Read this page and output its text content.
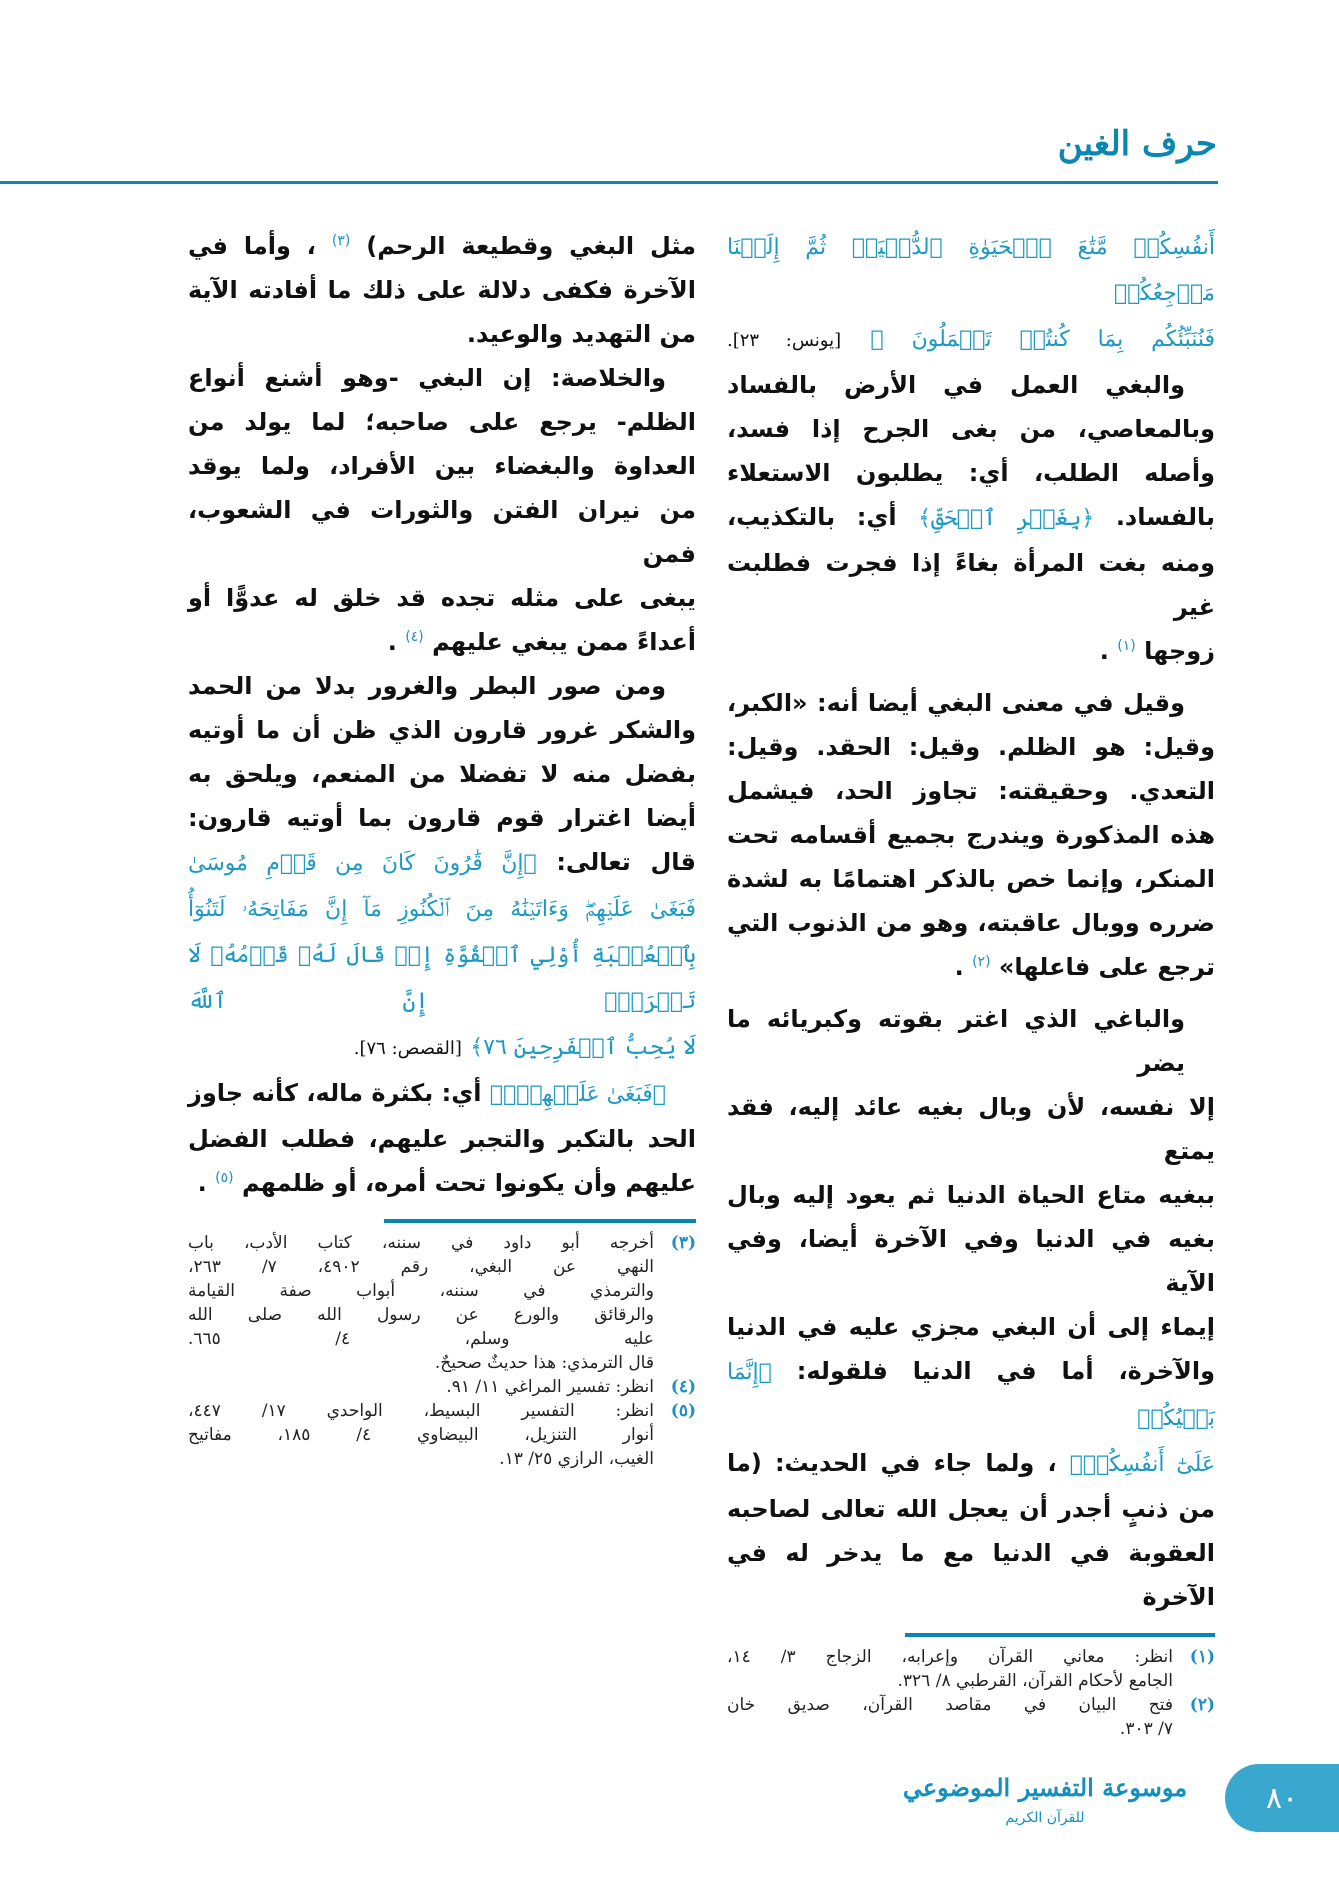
حرف الغين
أَنفُسِكُمۖ مَّتَٰعَ ٱلۡحَيَوٰةِ ٱلدُّنۡيَاۖ ثُمَّ إِلَيۡنَا مَرۡجِعُكُمۡ
فَنُنَبِّئُكُم بِمَا كُنتُمۡ تَعۡمَلُونَ ﴾ [يونس: ٢٣].
والبغي العمل في الأرض بالفساد
وبالمعاصي، من بغى الجرح إذا فسد،
وأصله الطلب، أي: يطلبون الاستعلاء
بالفساد. ﴿بِغَيۡرِ ٱلۡحَقِّ﴾ أي: بالتكذيب،
ومنه بغت المرأة بغاءً إذا فجرت فطلبت غير
زوجها $^{(١)}$ .
وقيل في معنى البغي أيضا أنه: «الكبر،
وقيل: هو الظلم. وقيل: الحقد. وقيل:
التعدي. وحقيقته: تجاوز الحد، فيشمل
هذه المذكورة ويندرج بجميع أقسامه تحت
المنكر، وإنما خص بالذكر اهتمامًا به لشدة
ضرره ووبال عاقبته، وهو من الذنوب التي
ترجع على فاعلها» $^{(٢)}$ .
والباغي الذي اغتر بقوته وكبريائه ما يضر
إلا نفسه، لأن وبال بغيه عائد إليه، فقد يمتع
ببغيه متاع الحياة الدنيا ثم يعود إليه وبال
بغيه في الدنيا وفي الآخرة أيضا، وفي الآية
إيماء إلى أن البغي مجزي عليه في الدنيا
والآخرة، أما في الدنيا فلقوله: ﴿إِنَّمَا بَغۡيُكُمۡ
عَلَىٰٓ أَنفُسِكُمۖ﴾ ، ولما جاء في الحديث: (ما
من ذنبٍ أجدر أن يعجل الله تعالى لصاحبه
العقوبة في الدنيا مع ما يدخر له في الآخرة
(١)
انظر: معاني القرآن وإعرابه، الزجاج ٣/ ١٤،
الجامع لأحكام القرآن، القرطبي ٨/ ٣٢٦.
(٢)
فتح البيان في مقاصد القرآن، صديق خان
٧/ ٣٠٣.
مثل البغي وقطيعة الرحم) $^{(٣)}$ ، وأما في
الآخرة فكفى دلالة على ذلك ما أفادته الآية
من التهديد والوعيد.
والخلاصة: إن البغي -وهو أشنع أنواع
الظلم- يرجع على صاحبه؛ لما يولد من
العداوة والبغضاء بين الأفراد، ولما يوقد
من نيران الفتن والثورات في الشعوب، فمن
يبغى على مثله تجده قد خلق له عدوًّا أو
أعداءً ممن يبغي عليهم $^{(٤)}$ .
ومن صور البطر والغرور بدلا من الحمد
والشكر غرور قارون الذي ظن أن ما أوتيه
بفضل منه لا تفضلا من المنعم، ويلحق به
أيضا اغترار قوم قارون بما أوتيه قارون:
قال تعالى: ﴿إِنَّ قَٰرُونَ كَانَ مِن قَوۡمِ مُوسَىٰ
فَبَغَىٰ عَلَيۡهِمۡۖ وَءَاتَيۡنَٰهُ مِنَ ٱلۡكُنُوزِ مَآ إِنَّ مَفَاتِحَهُۥ لَتَنُوٓأُ
بِٱلۡعُصۡبَةِ أُوْلِي ٱلۡقُوَّةِ إِذۡ قَالَ لَهُۥ قَوۡمُهُۥ لَا تَفۡرَحۡۖ إِنَّ ٱللَّهَ
لَا يُحِبُّ ٱلۡفَرِحِينَ ٧٦﴾ [القصص: ٧٦].
﴿فَبَغَىٰ عَلَيۡهِمۡۖ﴾ أي: بكثرة ماله، كأنه جاوز
الحد بالتكبر والتجبر عليهم، فطلب الفضل
عليهم وأن يكونوا تحت أمره، أو ظلمهم $^{(٥)}$ .
(٣)
أخرجه أبو داود في سننه، كتاب الأدب، باب
النهي عن البغي، رقم ٤٩٠٢، ٧/ ٢٦٣،
والترمذي في سننه، أبواب صفة القيامة
والرقائق والورع عن رسول الله صلى الله
عليه وسلم، ٤/ ٦٦٥.
قال الترمذي: هذا حديثٌ صحيحٌ.
(٤)
انظر: تفسير المراغي ١١/ ٩١.
(٥)
انظر: التفسير البسيط، الواحدي ١٧/ ٤٤٧،
أنوار التنزيل، البيضاوي ٤/ ١٨٥، مفاتيح
الغيب، الرازي ٢٥/ ١٣.
موسوعة التفسير الموضوعي
للقرآن الكريم
٨٠
